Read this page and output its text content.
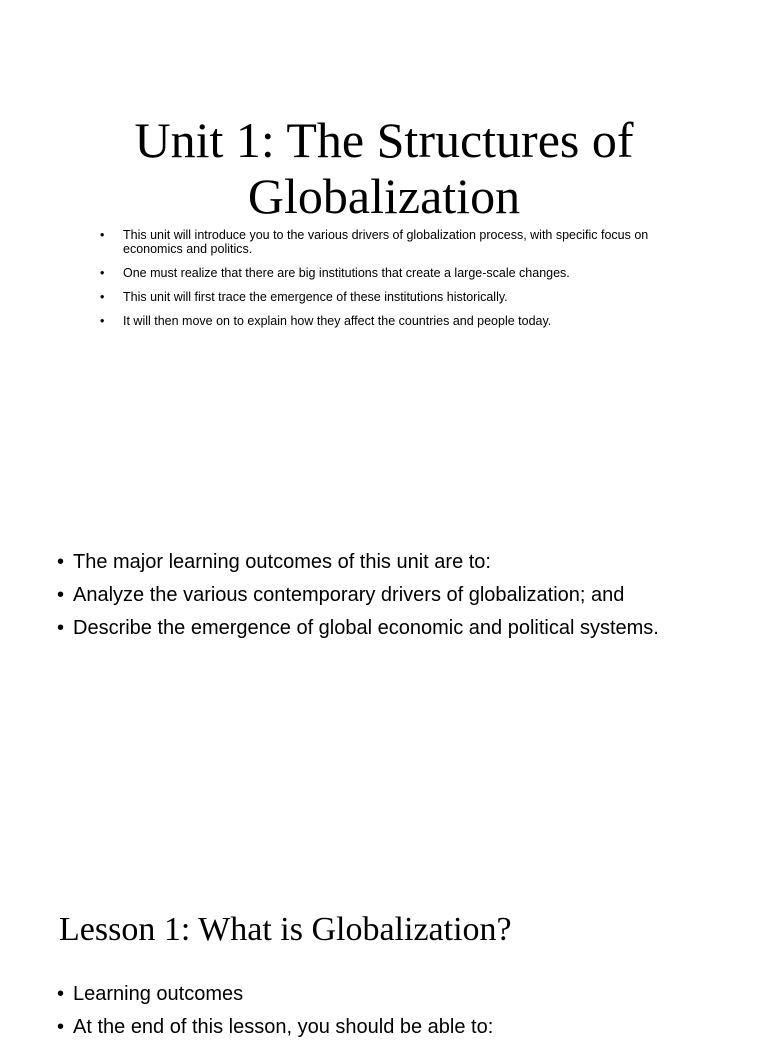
Unit 1: The Structures of
Globalization
• This unit will introduce you to the various drivers of globalization process, with specific focus on economics and politics.
• One must realize that there are big institutions that create a large-scale changes.
• This unit will first trace the emergence of these institutions historically.
• It will then move on to explain how they affect the countries and people today.
• The major learning outcomes of this unit are to:
• Analyze the various contemporary drivers of globalization; and
• Describe the emergence of global economic and political systems.
Lesson 1: What is Globalization?
• Learning outcomes
• At the end of this lesson, you should be able to:
